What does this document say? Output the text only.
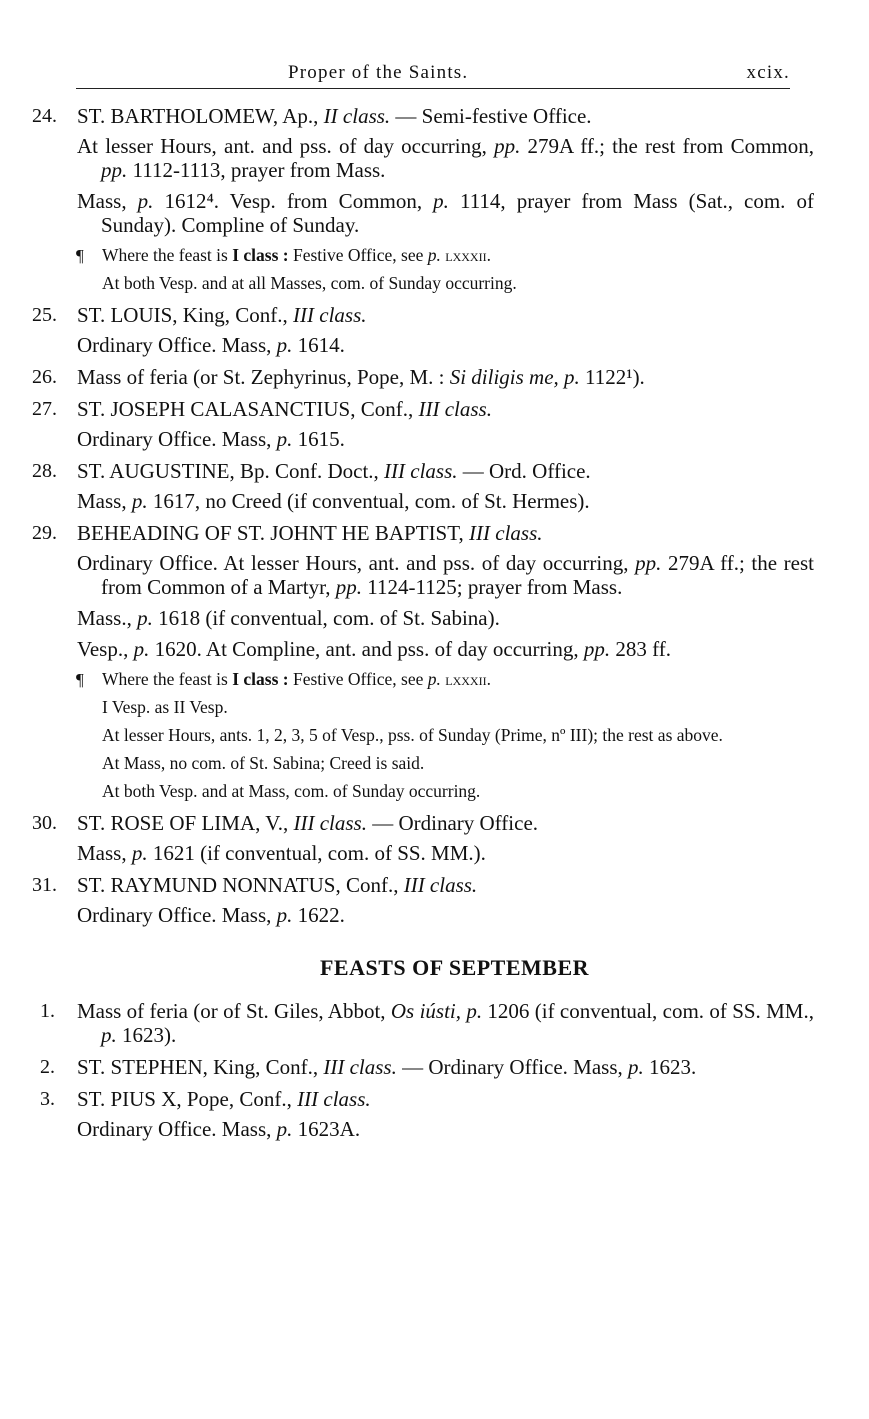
Proper of the Saints.	xcix.
24. ST. BARTHOLOMEW, Ap., II class. — Semi-festive Office.
At lesser Hours, ant. and pss. of day occurring, pp. 279A ff.; the rest from Common, pp. 1112-1113, prayer from Mass.
Mass, p. 1612⁴. Vesp. from Common, p. 1114, prayer from Mass (Sat., com. of Sunday). Compline of Sunday.
¶ Where the feast is I class : Festive Office, see p. lxxxii.
At both Vesp. and at all Masses, com. of Sunday occurring.
25. ST. LOUIS, King, Conf., III class.
Ordinary Office. Mass, p. 1614.
26. Mass of feria (or St. Zephyrinus, Pope, M. : Si diligis me, p. 1122¹).
27. ST. JOSEPH CALASANCTIUS, Conf., III class.
Ordinary Office. Mass, p. 1615.
28. ST. AUGUSTINE, Bp. Conf. Doct., III class. — Ord. Office.
Mass, p. 1617, no Creed (if conventual, com. of St. Hermes).
29. BEHEADING OF ST. JOHNT HE BAPTIST, III class.
Ordinary Office. At lesser Hours, ant. and pss. of day occurring, pp. 279A ff.; the rest from Common of a Martyr, pp. 1124-1125; prayer from Mass.
Mass., p. 1618 (if conventual, com. of St. Sabina).
Vesp., p. 1620. At Compline, ant. and pss. of day occurring, pp. 283 ff.
¶ Where the feast is I class : Festive Office, see p. lxxxii.
I Vesp. as II Vesp.
At lesser Hours, ants. 1, 2, 3, 5 of Vesp., pss. of Sunday (Prime, nº III); the rest as above.
At Mass, no com. of St. Sabina; Creed is said.
At both Vesp. and at Mass, com. of Sunday occurring.
30. ST. ROSE OF LIMA, V., III class. — Ordinary Office.
Mass, p. 1621 (if conventual, com. of SS. MM.).
31. ST. RAYMUND NONNATUS, Conf., III class.
Ordinary Office. Mass, p. 1622.
FEASTS OF SEPTEMBER
1.	Mass of feria (or of St. Giles, Abbot, Os iústi, p. 1206 (if conventual, com. of SS. MM., p. 1623).
2.	ST. STEPHEN, King, Conf., III class. — Ordinary Office. Mass, p. 1623.
3.	ST. PIUS X, Pope, Conf., III class.
Ordinary Office. Mass, p. 1623A.
